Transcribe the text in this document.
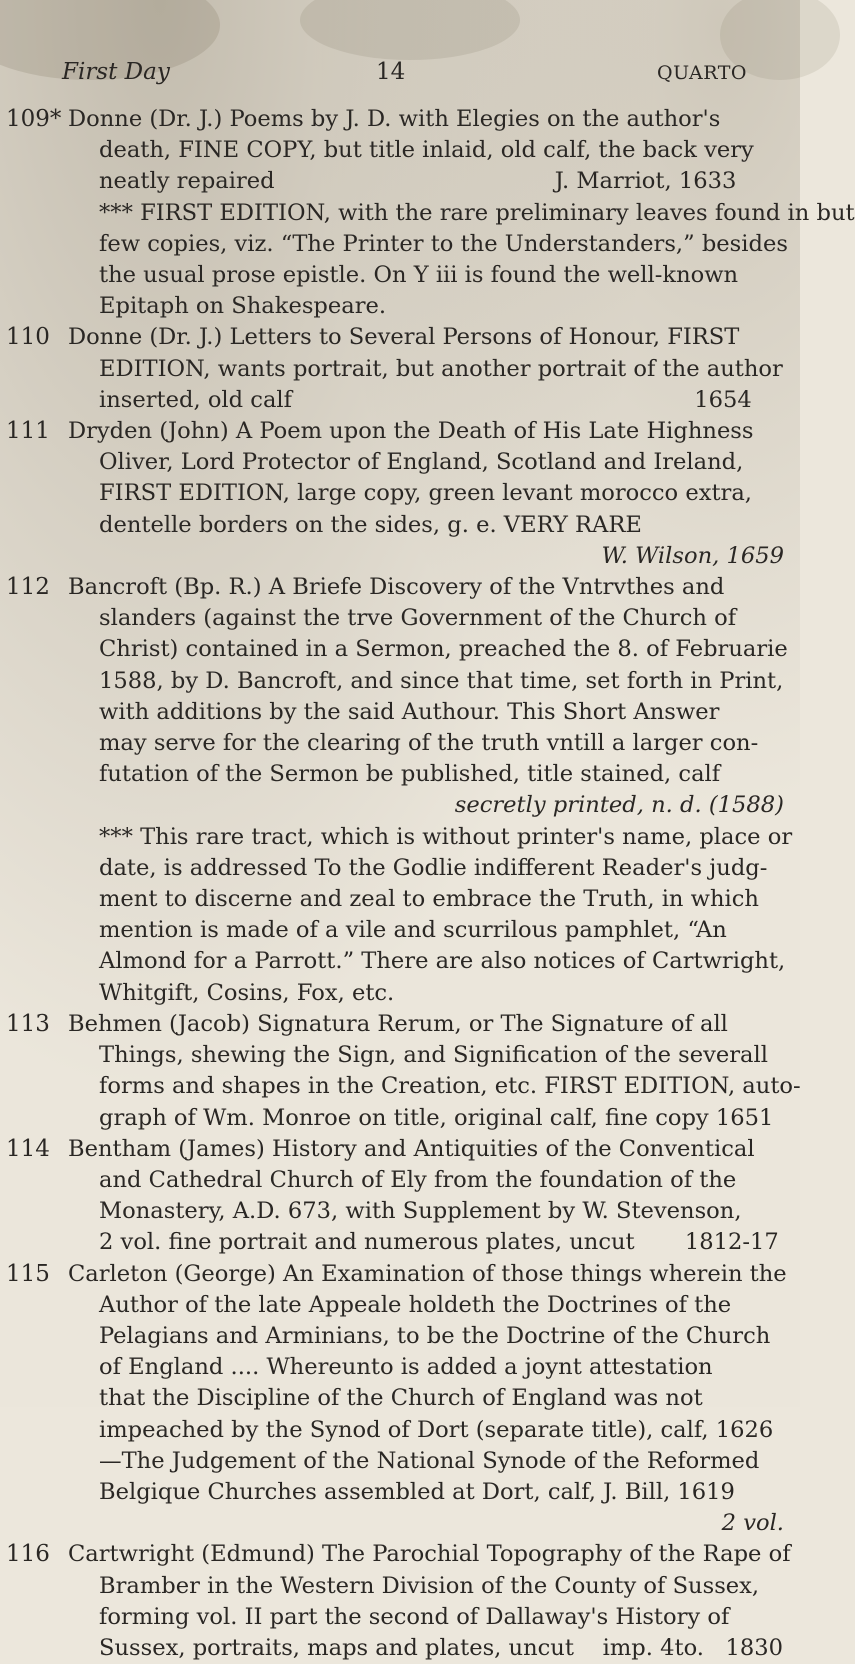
First Day	14	QUARTO
109* Donne (Dr. J.) Poems by J. D. with Elegies on the author's
death, FINE COPY, but title inlaid, old calf, the back very
neatly repaired                                       J. Marriot, 1633
*** FIRST EDITION, with the rare preliminary leaves found in but
few copies, viz. “The Printer to the Understanders,” besides
the usual prose epistle. On Y iii is found the well-known
Epitaph on Shakespeare.
110 Donne (Dr. J.) Letters to Several Persons of Honour, FIRST
EDITION, wants portrait, but another portrait of the author
inserted, old calf                                                        1654
111 Dryden (John) A Poem upon the Death of His Late Highness
Oliver, Lord Protector of England, Scotland and Ireland,
FIRST EDITION, large copy, green levant morocco extra,
dentelle borders on the sides, g. e. VERY RARE
W. Wilson, 1659
112 Bancroft (Bp. R.) A Briefe Discovery of the Vntrvthes and
slanders (against the trve Government of the Church of
Christ) contained in a Sermon, preached the 8. of Februarie
1588, by D. Bancroft, and since that time, set forth in Print,
with additions by the said Authour. This Short Answer
may serve for the clearing of the truth vntill a larger con-
futation of the Sermon be published, title stained, calf
secretly printed, n. d. (1588)
*** This rare tract, which is without printer's name, place or
date, is addressed To the Godlie indifferent Reader's judg-
ment to discerne and zeal to embrace the Truth, in which
mention is made of a vile and scurrilous pamphlet, “An
Almond for a Parrott.” There are also notices of Cartwright,
Whitgift, Cosins, Fox, etc.
113 Behmen (Jacob) Signatura Rerum, or The Signature of all
Things, shewing the Sign, and Signification of the severall
forms and shapes in the Creation, etc. FIRST EDITION, auto-
graph of Wm. Monroe on title, original calf, fine copy 1651
114 Bentham (James) History and Antiquities of the Conventical
and Cathedral Church of Ely from the foundation of the
Monastery, A.D. 673, with Supplement by W. Stevenson,
2 vol. fine portrait and numerous plates, uncut       1812-17
115 Carleton (George) An Examination of those things wherein the
Author of the late Appeale holdeth the Doctrines of the
Pelagians and Arminians, to be the Doctrine of the Church
of England .... Whereunto is added a joynt attestation
that the Discipline of the Church of England was not
impeached by the Synod of Dort (separate title), calf, 1626
—The Judgement of the National Synode of the Reformed
Belgique Churches assembled at Dort, calf, J. Bill, 1619
2 vol.
116 Cartwright (Edmund) The Parochial Topography of the Rape of
Bramber in the Western Division of the County of Sussex,
forming vol. II part the second of Dallaway's History of
Sussex, portraits, maps and plates, uncut    imp. 4to.   1830
